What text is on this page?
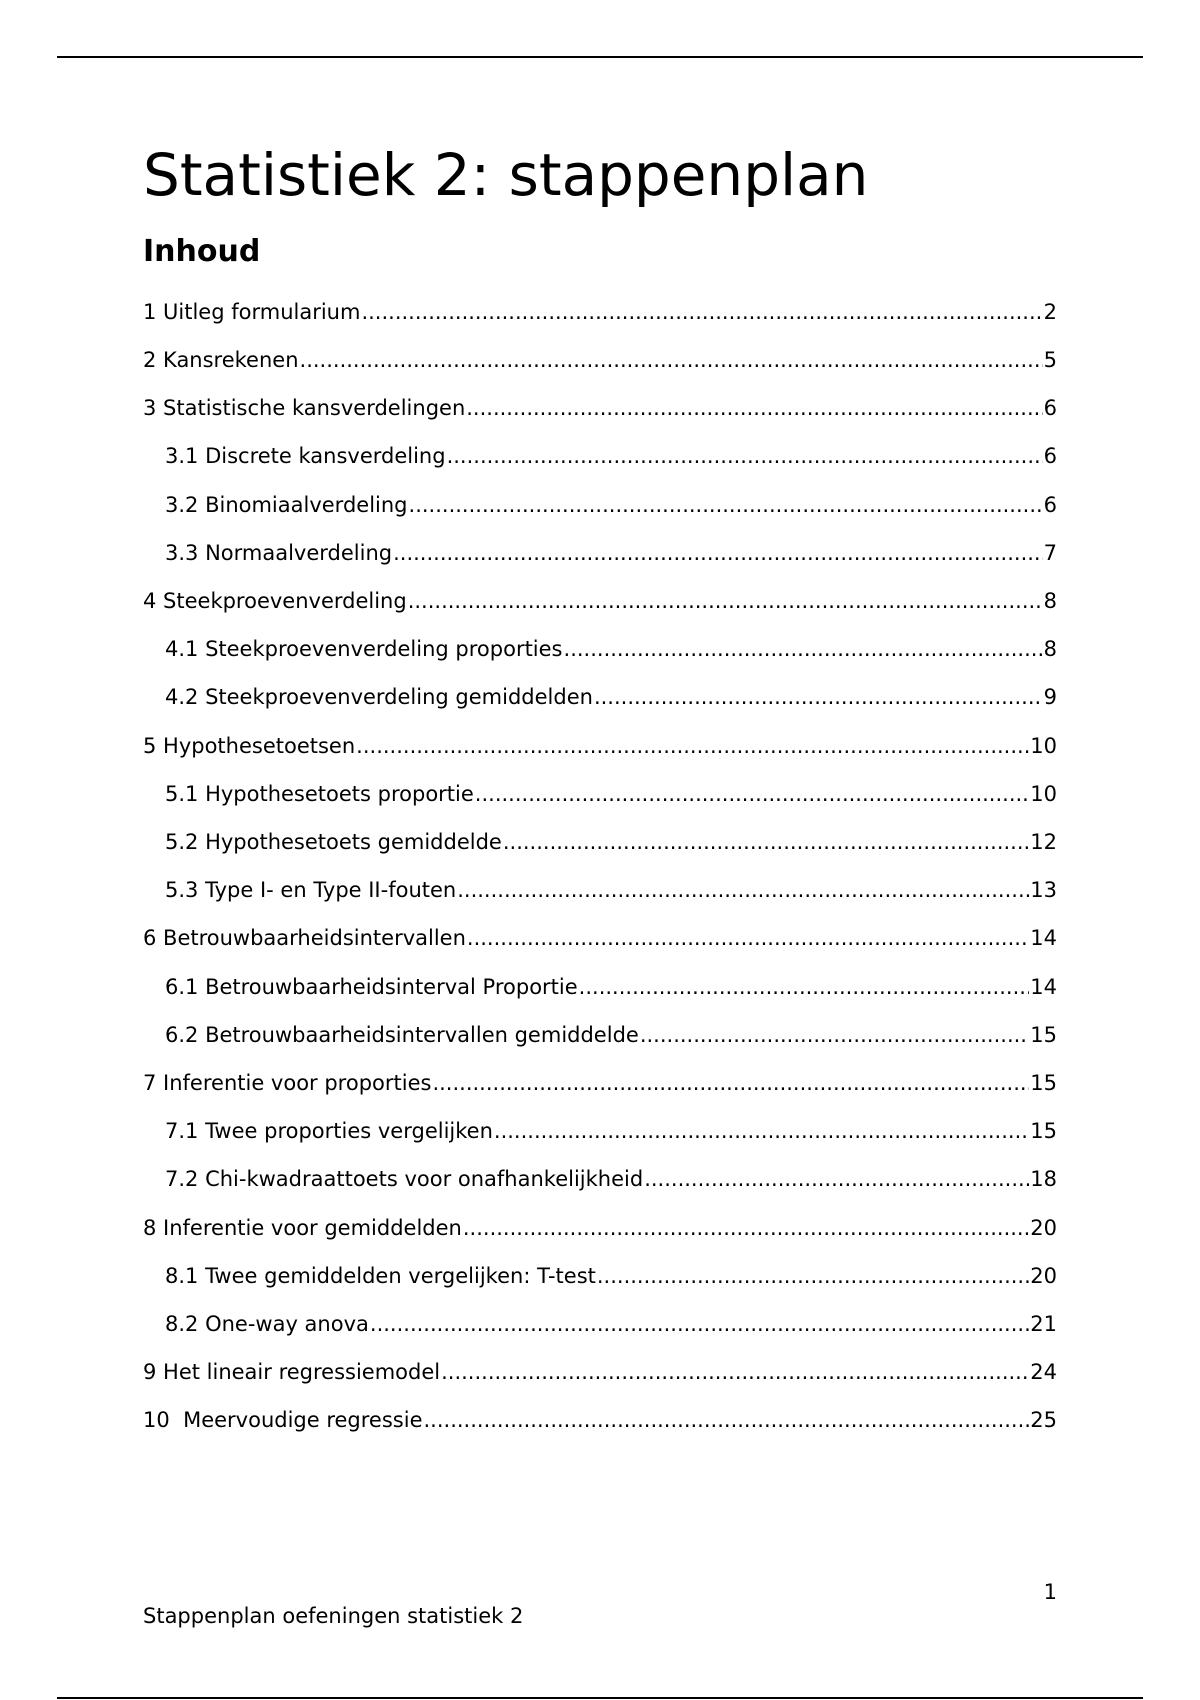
Statistiek 2: stappenplan
Inhoud
1 Uitleg formularium .....	2
2 Kansrekenen .....	5
3 Statistische kansverdelingen .....	6
3.1 Discrete kansverdeling .....	6
3.2 Binomiaalverdeling .....	6
3.3 Normaalverdeling .....	7
4 Steekproevenverdeling .....	8
4.1 Steekproevenverdeling proporties .....	8
4.2 Steekproevenverdeling gemiddelden .....	9
5 Hypothesetoetsen .....	10
5.1 Hypothesetoets proportie .....	10
5.2 Hypothesetoets gemiddelde .....	12
5.3 Type I- en Type II-fouten .....	13
6 Betrouwbaarheidsintervallen .....	14
6.1 Betrouwbaarheidsinterval Proportie .....	14
6.2 Betrouwbaarheidsintervallen gemiddelde .....	15
7 Inferentie voor proporties .....	15
7.1 Twee proporties vergelijken .....	15
7.2 Chi-kwadraattoets voor onafhankelijkheid .....	18
8 Inferentie voor gemiddelden .....	20
8.1 Twee gemiddelden vergelijken: T-test .....	20
8.2 One-way anova .....	21
9 Het lineair regressiemodel .....	24
10  Meervoudige regressie .....	25
1
Stappenplan oefeningen statistiek 2
